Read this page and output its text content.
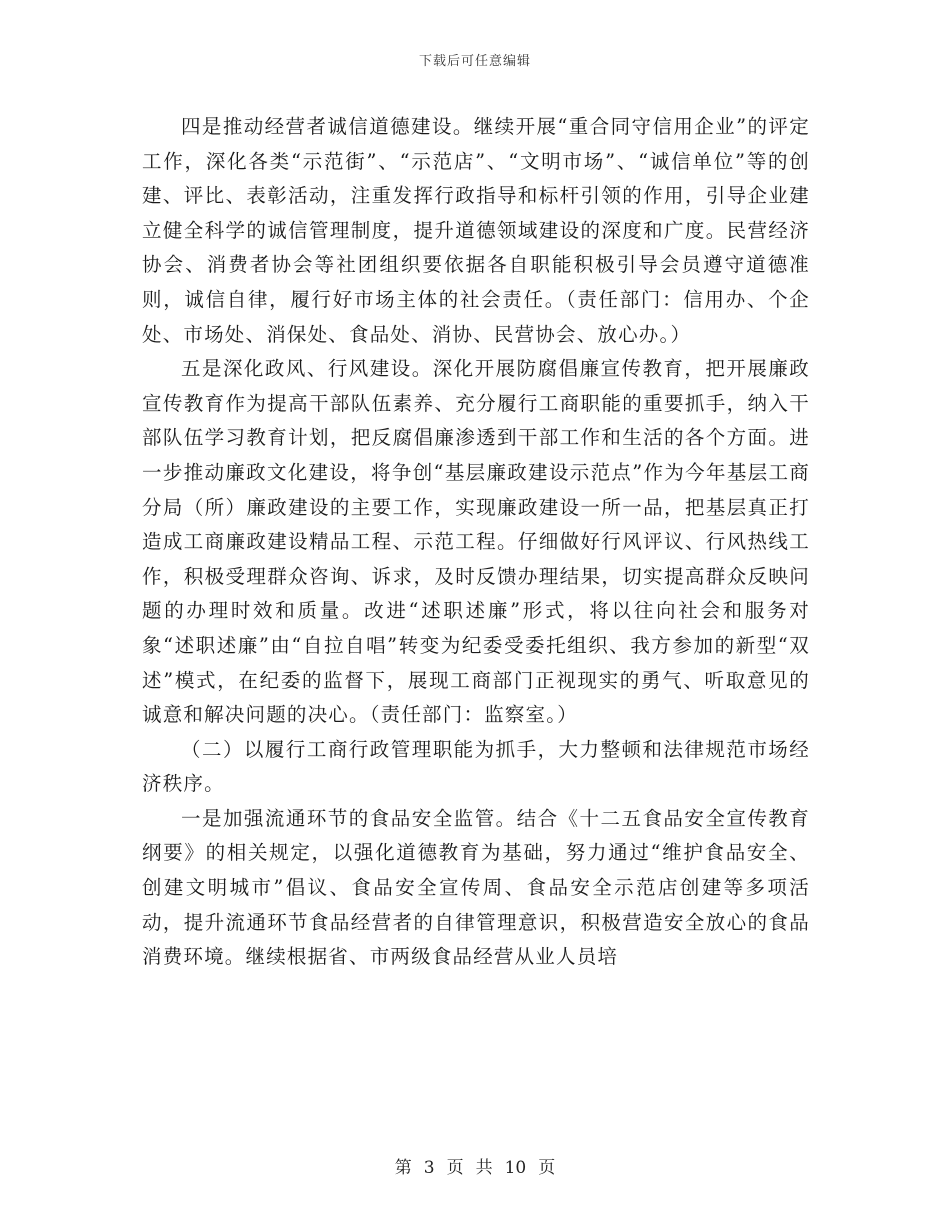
下载后可任意编辑

四是推动经营者诚信道德建设。继续开展“重合同守信用企业”的评定工作，深化各类“示范街”、“示范店”、“文明市场”、“诚信单位”等的创建、评比、表彰活动，注重发挥行政指导和标杆引领的作用，引导企业建立健全科学的诚信管理制度，提升道德领域建设的深度和广度。民营经济协会、消费者协会等社团组织要依据各自职能积极引导会员遵守道德准则，诚信自律，履行好市场主体的社会责任。（责任部门：信用办、个企处、市场处、消保处、食品处、消协、民营协会、放心办。）

五是深化政风、行风建设。深化开展防腐倡廉宣传教育，把开展廉政宣传教育作为提高干部队伍素养、充分履行工商职能的重要抓手，纳入干部队伍学习教育计划，把反腐倡廉渗透到干部工作和生活的各个方面。进一步推动廉政文化建设，将争创“基层廉政建设示范点”作为今年基层工商分局（所）廉政建设的主要工作，实现廉政建设一所一品，把基层真正打造成工商廉政建设精品工程、示范工程。仔细做好行风评议、行风热线工作，积极受理群众咨询、诉求，及时反馈办理结果，切实提高群众反映问题的办理时效和质量。改进“述职述廉”形式，将以往向社会和服务对象“述职述廉”由“自拉自唱”转变为纪委受委托组织、我方参加的新型“双述”模式，在纪委的监督下，展现工商部门正视现实的勇气、听取意见的诚意和解决问题的决心。（责任部门：监察室。）

（二）以履行工商行政管理职能为抓手，大力整顿和法律规范市场经济秩序。

一是加强流通环节的食品安全监管。结合《十二五食品安全宣传教育纲要》的相关规定，以强化道德教育为基础，努力通过“维护食品安全、创建文明城市”倡议、食品安全宣传周、食品安全示范店创建等多项活动，提升流通环节食品经营者的自律管理意识，积极营造安全放心的食品消费环境。继续根据省、市两级食品经营从业人员培

第 3 页 共 10 页
